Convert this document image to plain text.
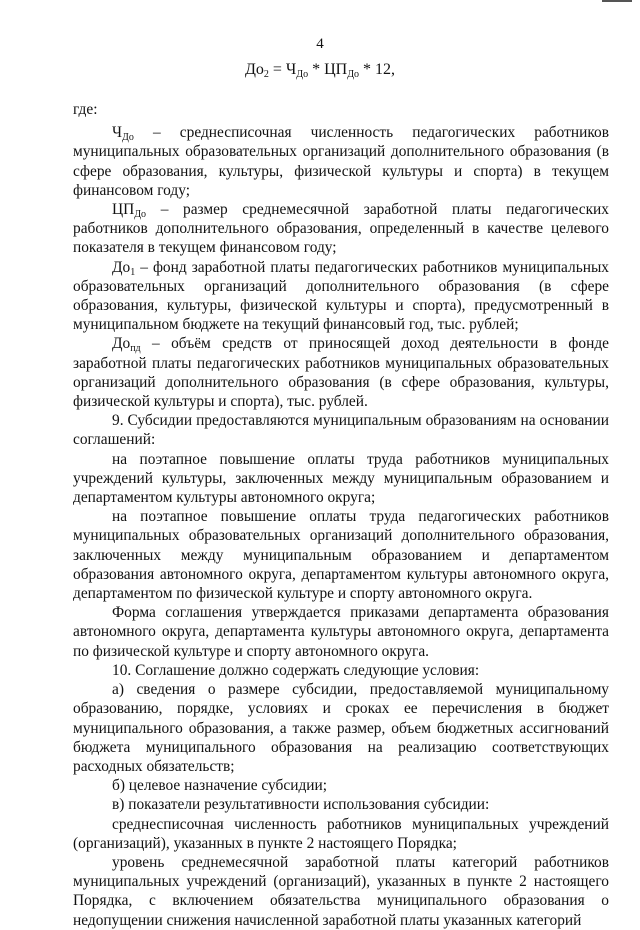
4
$До_2 = Ч_{До} * ЦП_{До} * 12$,

где:

$Ч_{До}$ – среднесписочная численность педагогических работников муниципальных образовательных организаций дополнительного образования (в сфере образования, культуры, физической культуры и спорта) в текущем финансовом году;

$ЦП_{До}$ – размер среднемесячной заработной платы педагогических работников дополнительного образования, определенный в качестве целевого показателя в текущем финансовом году;

$До_1$ – фонд заработной платы педагогических работников муниципальных образовательных организаций дополнительного образования (в сфере образования, культуры, физической культуры и спорта), предусмотренный в муниципальном бюджете на текущий финансовый год, тыс. рублей;

$До_{пд}$ – объём средств от приносящей доход деятельности в фонде заработной платы педагогических работников муниципальных образовательных организаций дополнительного образования (в сфере образования, культуры, физической культуры и спорта), тыс. рублей.

9. Субсидии предоставляются муниципальным образованиям на основании соглашений:

на поэтапное повышение оплаты труда работников муниципальных учреждений культуры, заключенных между муниципальным образованием и департаментом культуры автономного округа;

на поэтапное повышение оплаты труда педагогических работников муниципальных образовательных организаций дополнительного образования, заключенных между муниципальным образованием и департаментом образования автономного округа, департаментом культуры автономного округа, департаментом по физической культуре и спорту автономного округа.

Форма соглашения утверждается приказами департамента образования автономного округа, департамента культуры автономного округа, департамента по физической культуре и спорту автономного округа.

10. Соглашение должно содержать следующие условия:

а) сведения о размере субсидии, предоставляемой муниципальному образованию, порядке, условиях и сроках ее перечисления в бюджет муниципального образования, а также размер, объем бюджетных ассигнований бюджета муниципального образования на реализацию соответствующих расходных обязательств;

б) целевое назначение субсидии;

в) показатели результативности использования субсидии:

среднесписочная численность работников муниципальных учреждений (организаций), указанных в пункте 2 настоящего Порядка;

уровень среднемесячной заработной платы категорий работников муниципальных учреждений (организаций), указанных в пункте 2 настоящего Порядка, с включением обязательства муниципального образования о недопущении снижения начисленной заработной платы указанных категорий
